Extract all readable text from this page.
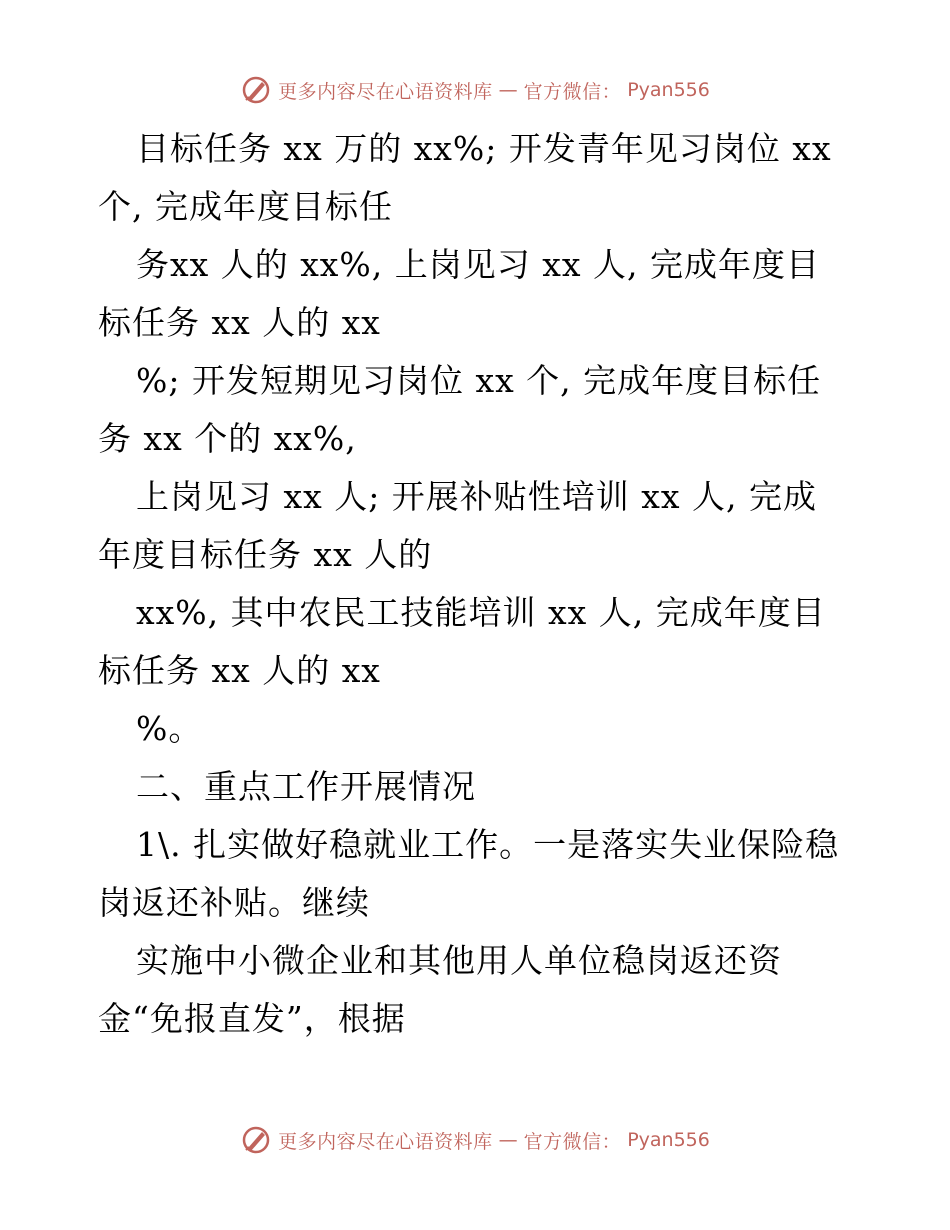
更多内容尽在心语资料库 — 官方微信： Pyan556
目标任务 xx 万的 xx%; 开发青年见习岗位 xx
个, 完成年度目标任
务xx 人的 xx%, 上岗见习 xx 人, 完成年度目
标任务 xx 人的 xx
%; 开发短期见习岗位 xx 个, 完成年度目标任
务 xx 个的 xx%,
上岗见习 xx 人; 开展补贴性培训 xx 人, 完成
年度目标任务 xx 人的
xx%, 其中农民工技能培训 xx 人, 完成年度目
标任务 xx 人的 xx
%。
二、重点工作开展情况
1\. 扎实做好稳就业工作。一是落实失业保险稳
岗返还补贴。继续
实施中小微企业和其他用人单位稳岗返还资
金“免报直发”，根据
更多内容尽在心语资料库 — 官方微信： Pyan556
